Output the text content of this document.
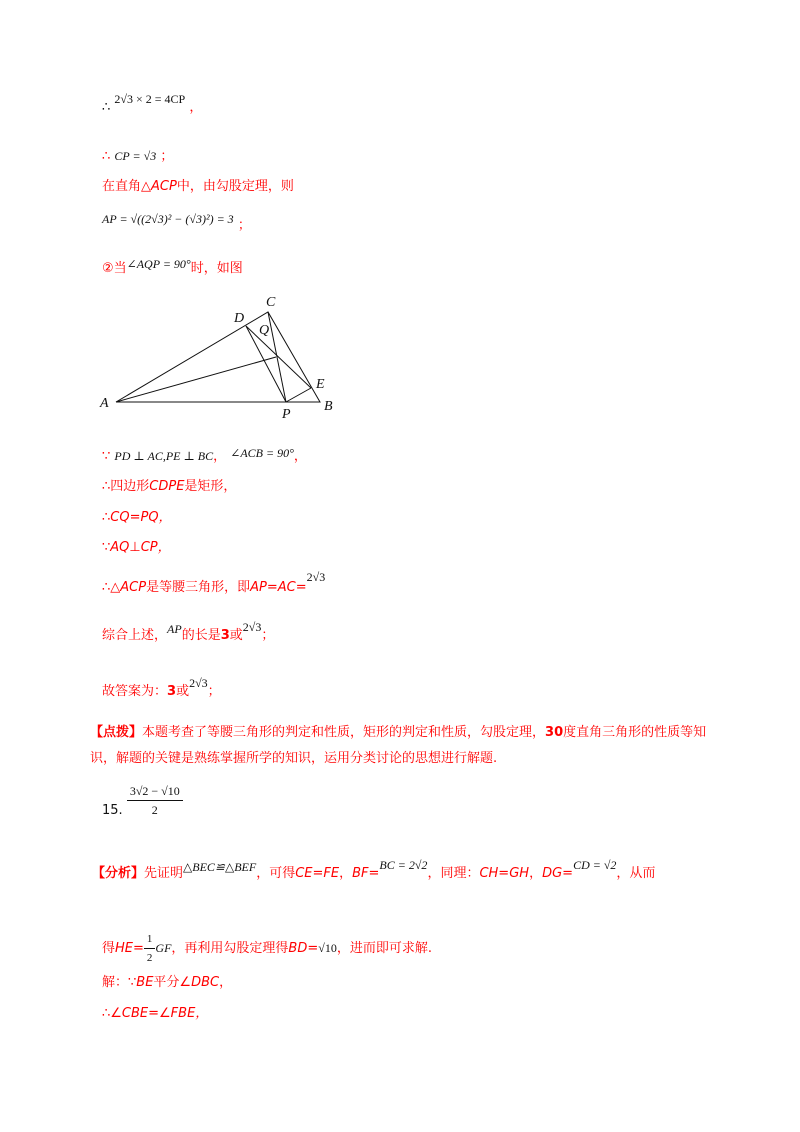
∴ 2√3 × 2 = 4CP ，
∴ CP = √3 ；
在直角△ACP中，由勾股定理，则
AP = √((2√3)² − (√3)²) = 3 ；
②当∠AQP = 90°时，如图
A	B
C
D
Q
E
P
∵ PD ⊥ AC,PE ⊥ BC， ∠ACB = 90°，
∴四边形CDPE是矩形，
∴CQ=PQ，
∵AQ⊥CP，
∴△ACP是等腰三角形，即AP=AC=2√3
综合上述，AP的长是3或2√3；
故答案为：3或2√3；
【点拨】本题考查了等腰三角形的判定和性质，矩形的判定和性质，勾股定理，30度直角三角形的性质等知识，解题的关键是熟练掌握所学的知识，运用分类讨论的思想进行解题.
15. $\frac{3√2 - √10}{2}$
【分析】先证明△BEC≌△BEF，可得CE=FE，BF=BC = 2√2，同理：CH=GH，DG=CD = √2，从而
得$HE= \frac{1}{2}$ GF，再利用勾股定理得BD=√10，进而即可求解.
解：∵BE平分∠DBC，
∴∠CBE=∠FBE，
